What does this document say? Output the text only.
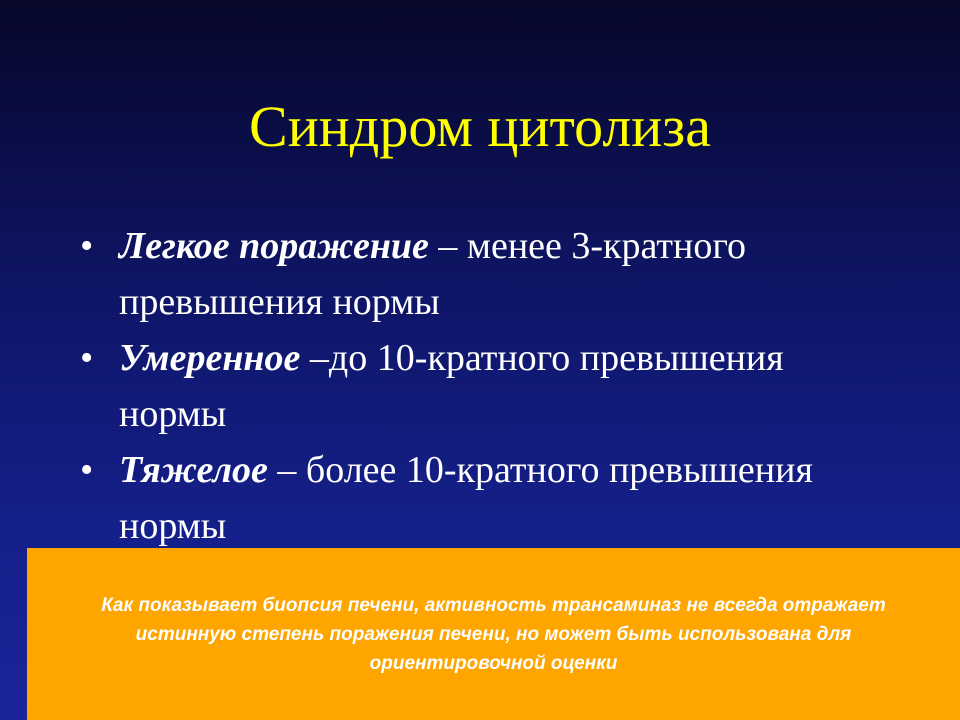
Синдром цитолиза
• Легкое поражение – менее 3-кратного превышения нормы
• Умеренное –до 10-кратного превышения нормы
• Тяжелое – более 10-кратного превышения нормы

Как показывает биопсия печени, активность трансаминаз не всегда отражает истинную степень поражения печени, но может быть использована для ориентировочной оценки
